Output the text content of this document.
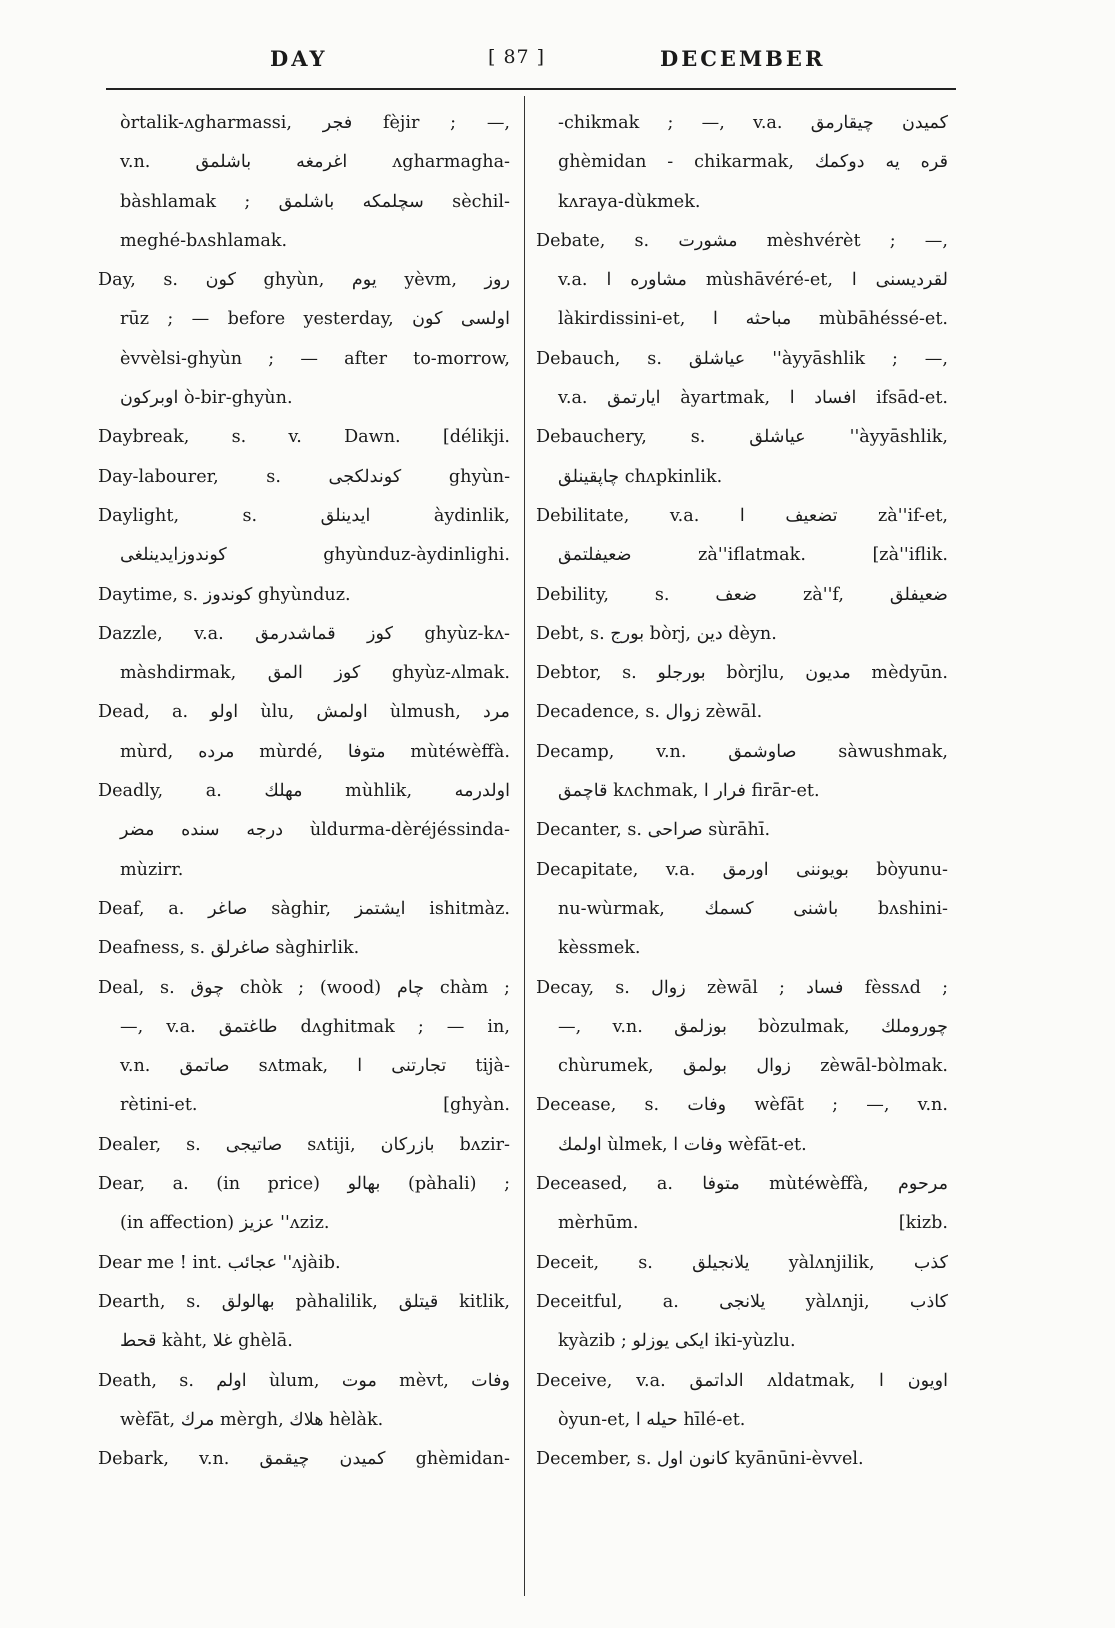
DAY	[ 87 ]	DECEMBER
òrtalik-ʌgharmassi, فجر fèjir ; —,
v.n. اغرمغه باشلمق ʌgharmagha-
bàshlamak ; سچلمكه باشلمق sèchil-
meghé-bʌshlamak.
Day, s. كون ghyùn, يوم yèvm, روز
rūz ; — before yesterday, اولسى كون
èvvèlsi-ghyùn ; — after to-morrow,
اوبركون ò-bir-ghyùn.
Daybreak, s. v. Dawn. [délikji.
Day-labourer, s. كوندلكجى ghyùn-
Daylight, s. ايدينلق àydinlik,
كوندوزايدينلغى ghyùnduz-àydinlighi.
Daytime, s. كوندوز ghyùnduz.
Dazzle, v.a. كوز قماشدرمق ghyùz-kʌ-
màshdirmak, كوز المق ghyùz-ʌlmak.
Dead, a. اولو ùlu, اولمش ùlmush, مرد
mùrd, مرده mùrdé, متوفا mùtéwèffà.
Deadly, a. مهلك mùhlik, اولدرمه
درجه سنده مضر ùldurma-dèréjéssinda-
mùzirr.
Deaf, a. صاغر sàghir, ايشتمز ishitmàz.
Deafness, s. صاغرلق sàghirlik.
Deal, s. چوق chòk ; (wood) چام chàm ;
—, v.a. طاغتمق dʌghitmak ; — in,
v.n. صاتمق sʌtmak, تجارتنى ا tijà-
rètini-et. [ghyàn.
Dealer, s. صاتيجى sʌtiji, بازركان bʌzir-
Dear, a. (in price) بهالو (pàhali) ;
(in affection) عزيز ''ʌziz.
Dear me ! int. عجائب ''ʌjàib.
Dearth, s. بهالولق pàhalilik, قيتلق kitlik,
قحط kàht, غلا ghèlā.
Death, s. اولم ùlum, موت mèvt, وفات
wèfāt, مرك mèrgh, هلاك hèlàk.
Debark, v.n. كميدن چيقمق ghèmidan-
-chikmak ; —, v.a. كميدن چيقارمق
ghèmidan - chikarmak, قره يه دوكمك
kʌraya-dùkmek.
Debate, s. مشورت mèshvérèt ; —,
v.a. مشاوره ا mùshāvéré-et, لقرديسنى ا
làkirdissini-et, مباحثه ا mùbāhéssé-et.
Debauch, s. عياشلق ''àyyāshlik ; —,
v.a. ايارتمق àyartmak, افساد ا ifsād-et.
Debauchery, s. عياشلق ''àyyāshlik,
چاپقينلق chʌpkinlik.
Debilitate, v.a. تضعيف ا zà''if-et,
ضعيفلتمق zà''iflatmak. [zà''iflik.
Debility, s. ضعف zà''f, ضعيفلق
Debt, s. بورج bòrj, دين dèyn.
Debtor, s. بورجلو bòrjlu, مديون mèdyūn.
Decadence, s. زوال zèwāl.
Decamp, v.n. صاوشمق sàwushmak,
قاچمق kʌchmak, فرار ا firār-et.
Decanter, s. صراحى sùrāhī.
Decapitate, v.a. بويوننى اورمق bòyunu-
nu-wùrmak, باشنى كسمك bʌshini-
kèssmek.
Decay, s. زوال zèwāl ; فساد fèssʌd ;
—, v.n. بوزلمق bòzulmak, چوروملك
chùrumek, زوال بولمق zèwāl-bòlmak.
Decease, s. وفات wèfāt ; —, v.n.
اولمك ùlmek, وفات ا wèfāt-et.
Deceased, a. متوفا mùtéwèffà, مرحوم
mèrhūm. [kizb.
Deceit, s. يلانجيلق yàlʌnjilik, كذب
Deceitful, a. يلانجى yàlʌnji, كاذب
kyàzib ; ايكى يوزلو iki-yùzlu.
Deceive, v.a. الداتمق ʌldatmak, اويون ا
òyun-et, حيله ا hīlé-et.
December, s. كانون اول kyānūni-èvvel.
